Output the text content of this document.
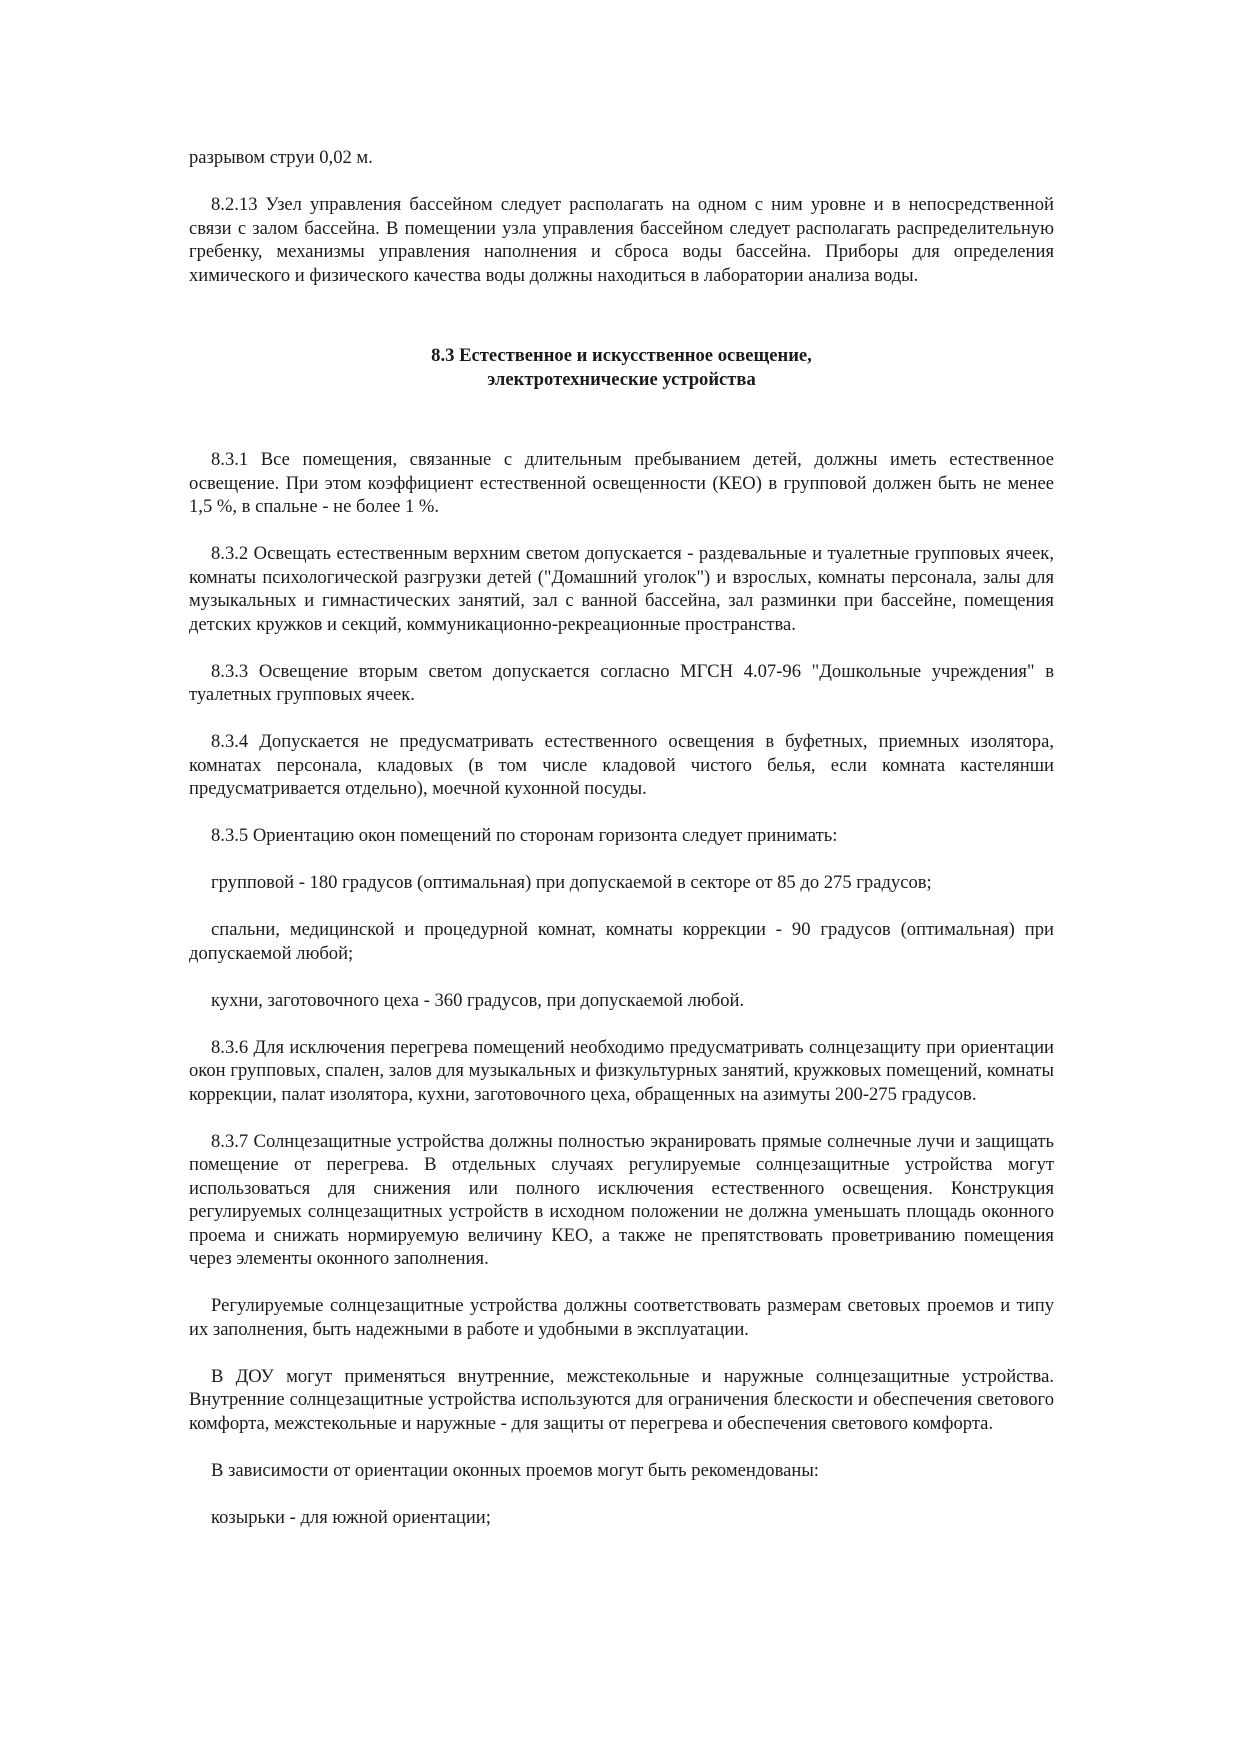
разрывом струи 0,02 м.

8.2.13 Узел управления бассейном следует располагать на одном с ним уровне и в непосредственной связи с залом бассейна. В помещении узла управления бассейном следует располагать распределительную гребенку, механизмы управления наполнения и сброса воды бассейна. Приборы для определения химического и физического качества воды должны находиться в лаборатории анализа воды.

8.3 Естественное и искусственное освещение,
электротехнические устройства

8.3.1 Все помещения, связанные с длительным пребыванием детей, должны иметь естественное освещение. При этом коэффициент естественной освещенности (КЕО) в групповой должен быть не менее 1,5 %, в спальне - не более 1 %.

8.3.2 Освещать естественным верхним светом допускается - раздевальные и туалетные групповых ячеек, комнаты психологической разгрузки детей ("Домашний уголок") и взрослых, комнаты персонала, залы для музыкальных и гимнастических занятий, зал с ванной бассейна, зал разминки при бассейне, помещения детских кружков и секций, коммуникационно-рекреационные пространства.

8.3.3 Освещение вторым светом допускается согласно МГСН 4.07-96 "Дошкольные учреждения" в туалетных групповых ячеек.

8.3.4 Допускается не предусматривать естественного освещения в буфетных, приемных изолятора, комнатах персонала, кладовых (в том числе кладовой чистого белья, если комната кастелянши предусматривается отдельно), моечной кухонной посуды.

8.3.5 Ориентацию окон помещений по сторонам горизонта следует принимать:

групповой - 180 градусов (оптимальная) при допускаемой в секторе от 85 до 275 градусов;

спальни, медицинской и процедурной комнат, комнаты коррекции - 90 градусов (оптимальная) при допускаемой любой;

кухни, заготовочного цеха - 360 градусов, при допускаемой любой.

8.3.6 Для исключения перегрева помещений необходимо предусматривать солнцезащиту при ориентации окон групповых, спален, залов для музыкальных и физкультурных занятий, кружковых помещений, комнаты коррекции, палат изолятора, кухни, заготовочного цеха, обращенных на азимуты 200-275 градусов.

8.3.7 Солнцезащитные устройства должны полностью экранировать прямые солнечные лучи и защищать помещение от перегрева. В отдельных случаях регулируемые солнцезащитные устройства могут использоваться для снижения или полного исключения естественного освещения. Конструкция регулируемых солнцезащитных устройств в исходном положении не должна уменьшать площадь оконного проема и снижать нормируемую величину КЕО, а также не препятствовать проветриванию помещения через элементы оконного заполнения.

Регулируемые солнцезащитные устройства должны соответствовать размерам световых проемов и типу их заполнения, быть надежными в работе и удобными в эксплуатации.

В ДОУ могут применяться внутренние, межстекольные и наружные солнцезащитные устройства. Внутренние солнцезащитные устройства используются для ограничения блескости и обеспечения светового комфорта, межстекольные и наружные - для защиты от перегрева и обеспечения светового комфорта.

В зависимости от ориентации оконных проемов могут быть рекомендованы:

козырьки - для южной ориентации;
